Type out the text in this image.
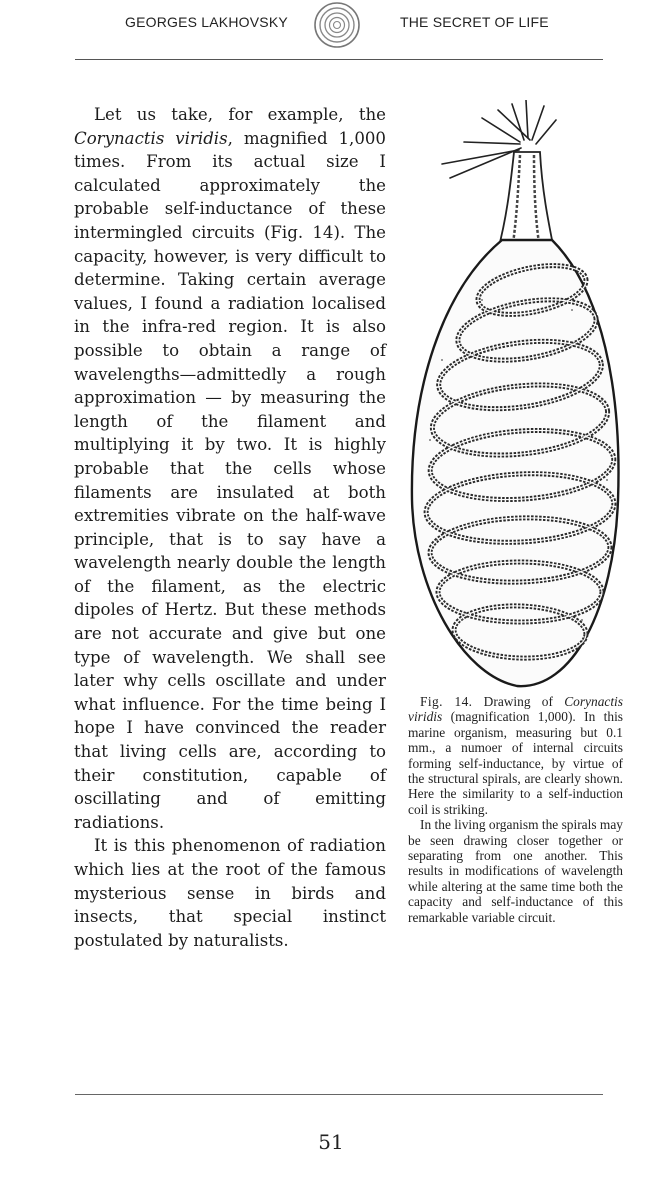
GEORGES LAKHOVSKY	THE SECRET OF LIFE

Let us take, for example, the Corynactis viridis, magnified 1,000 times. From its actual size I calculated approximately the probable self-inductance of these intermingled circuits (Fig. 14). The capacity, however, is very difficult to determine. Taking certain average values, I found a radiation localised in the infra-red region. It is also possible to obtain a range of wavelengths—admittedly a rough approximation — by measuring the length of the filament and multiplying it by two. It is highly probable that the cells whose filaments are insulated at both extremities vibrate on the half-wave principle, that is to say have a wavelength nearly double the length of the filament, as the electric dipoles of Hertz. But these methods are not accurate and give but one type of wavelength. We shall see later why cells oscillate and under what influence. For the time being I hope I have convinced the reader that living cells are, according to their constitution, capable of oscillating and of emitting radiations.

It is this phenomenon of radiation which lies at the root of the famous mysterious sense in birds and insects, that special instinct postulated by naturalists.

Fig. 14. Drawing of Corynactis viridis (magnification 1,000). In this marine organism, measuring but 0.1 mm., a numoer of internal circuits forming self-inductance, by virtue of the structural spirals, are clearly shown. Here the similarity to a self-induction coil is striking.

In the living organism the spirals may be seen drawing closer together or separating from one another. This results in modifications of wavelength while altering at the same time both the capacity and self-inductance of this remarkable variable circuit.

51
